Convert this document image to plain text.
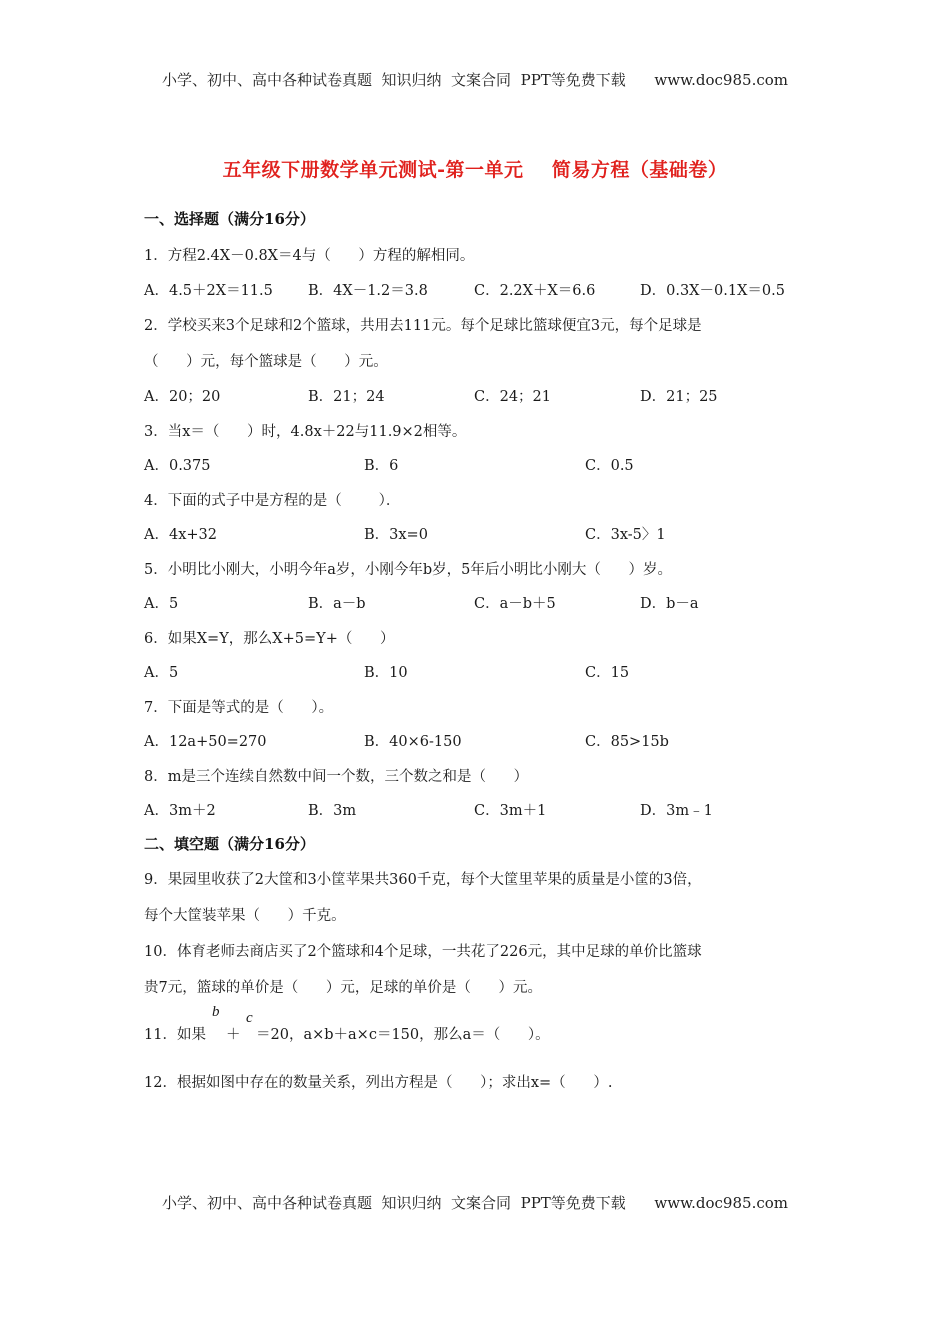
小学、初中、高中各种试卷真题  知识归纳  文案合同  PPT等免费下载      www.doc985.com
五年级下册数学单元测试-第一单元    简易方程（基础卷）
一、选择题（满分16分）
1．方程2.4X－0.8X＝4与（      ）方程的解相同。
A．4.5＋2X＝11.5 B．4X－1.2＝3.8	C．2.2X＋X＝6.6	D．0.3X－0.1X＝0.5
2．学校买来3个足球和2个篮球，共用去111元。每个足球比篮球便宜3元，每个足球是
（      ）元，每个篮球是（      ）元。
A．20；20	B．21；24	C．24；21	D．21；25
3．当x＝（      ）时，4.8x＋22与11.9×2相等。
A．0.375	B．6	C．0.5
4．下面的式子中是方程的是（        ）．
A．4x+32	B．3x=0	C．3x-5〉1
5．小明比小刚大，小明今年a岁，小刚今年b岁，5年后小明比小刚大（      ）岁。
A．5	B．a－b	C．a－b＋5	D．b－a
6．如果X=Y，那么X+5=Y+（      ）
A．5	B．10	C．15
7．下面是等式的是（      ）。
A．12a+50=270	B．40×6-150	C．85>15b
8．m是三个连续自然数中间一个数，三个数之和是（      ）
A．3m＋2	B．3m	C．3m＋1	D．3m﹣1
二、填空题（满分16分）
9．果园里收获了2大筐和3小筐苹果共360千克，每个大筐里苹果的质量是小筐的3倍，
每个大筐装苹果（      ）千克。
10．体育老师去商店买了2个篮球和4个足球，一共花了226元，其中足球的单价比篮球
贵7元，篮球的单价是（      ）元，足球的单价是（      ）元。
11．如果
b
＋
c
＝20，a×b＋a×c＝150，那么a＝（      ）。
12．根据如图中存在的数量关系，列出方程是（      ）；求出x=（      ）.
小学、初中、高中各种试卷真题  知识归纳  文案合同  PPT等免费下载      www.doc985.com
